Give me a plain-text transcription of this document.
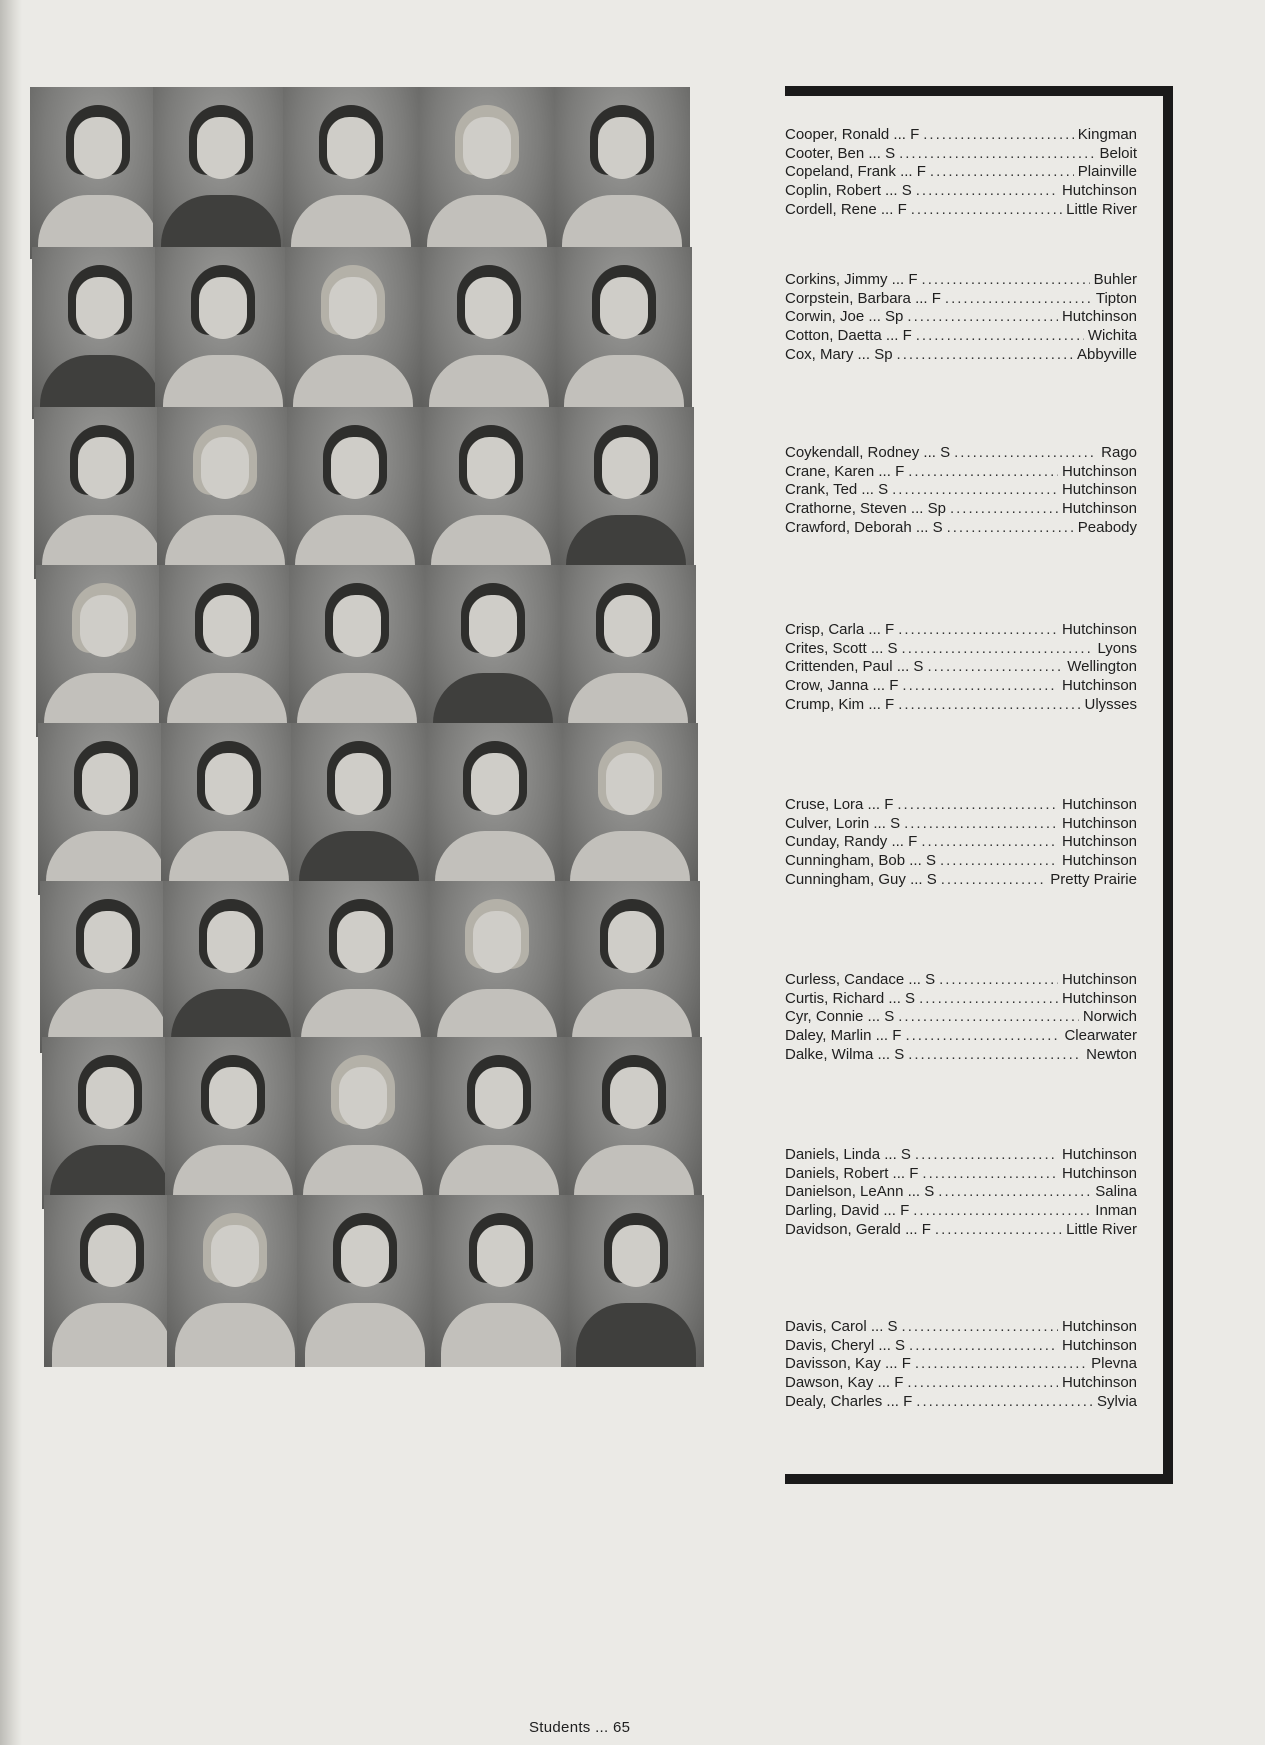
Cooper, Ronald ... F .....	Kingman
Cooter, Ben ... S .....	Beloit
Copeland, Frank ... F .....	Plainville
Coplin, Robert ... S .....	Hutchinson
Cordell, Rene ... F .....	Little River
Corkins, Jimmy ... F .....	Buhler
Corpstein, Barbara ... F .....	Tipton
Corwin, Joe ... Sp .....	Hutchinson
Cotton, Daetta ... F .....	Wichita
Cox, Mary ... Sp .....	Abbyville
Coykendall, Rodney ... S .....	Rago
Crane, Karen ... F .....	Hutchinson
Crank, Ted ... S .....	Hutchinson
Crathorne, Steven ... Sp .....	Hutchinson
Crawford, Deborah ... S .....	Peabody
Crisp, Carla ... F .....	Hutchinson
Crites, Scott ... S .....	Lyons
Crittenden, Paul ... S .....	Wellington
Crow, Janna ... F .....	Hutchinson
Crump, Kim ... F .....	Ulysses
Cruse, Lora ... F .....	Hutchinson
Culver, Lorin ... S .....	Hutchinson
Cunday, Randy ... F .....	Hutchinson
Cunningham, Bob ... S .....	Hutchinson
Cunningham, Guy ... S .....	Pretty Prairie
Curless, Candace ... S .....	Hutchinson
Curtis, Richard ... S .....	Hutchinson
Cyr, Connie ... S .....	Norwich
Daley, Marlin ... F .....	Clearwater
Dalke, Wilma ... S .....	Newton
Daniels, Linda ... S .....	Hutchinson
Daniels, Robert ... F .....	Hutchinson
Danielson, LeAnn ... S .....	Salina
Darling, David ... F .....	Inman
Davidson, Gerald ... F .....	Little River
Davis, Carol ... S .....	Hutchinson
Davis, Cheryl ... S .....	Hutchinson
Davisson, Kay ... F .....	Plevna
Dawson, Kay ... F .....	Hutchinson
Dealy, Charles ... F .....	Sylvia
Students ... 65
